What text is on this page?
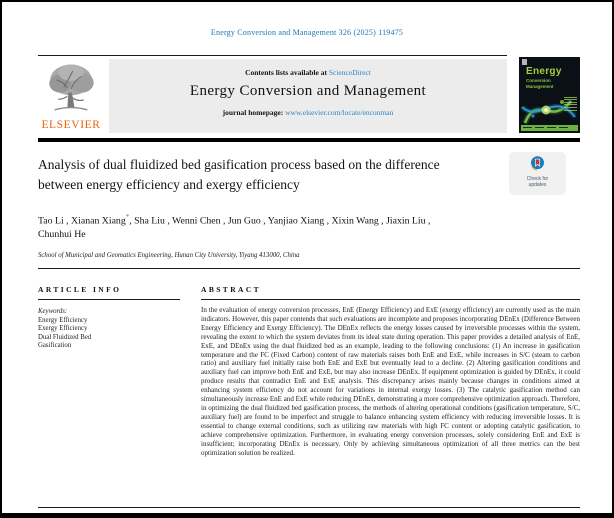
Energy Conversion and Management 326 (2025) 119475
ELSEVIER
Contents lists available at ScienceDirect
Energy Conversion and Management
journal homepage: www.elsevier.com/locate/enconman
Energy
Conversion
Management
Analysis of dual fluidized bed gasification process based on the difference
between energy efficiency and exergy efficiency	Check for
updates
Tao Li , Xianan Xiang*, Sha Liu , Wenni Chen , Jun Guo , Yanjiao Xiang , Xixin Wang , Jiaxin Liu ,
Chunhui He
School of Municipal and Geomatics Engineering, Hunan City University, Yiyang 413000, China
ARTICLE INFO
Keywords:
Energy Efficiency
Exergy Efficiency
Dual Fluidized Bed
Gasification
ABSTRACT
In the evaluation of energy conversion processes, EnE (Energy Efficiency) and ExE (exergy efficiency) are currently used as the main indicators. However, this paper contends that such evaluations are incomplete and proposes incorporating DEnEx (Difference Between Energy Efficiency and Exergy Efficiency). The DEnEx reflects the energy losses caused by irreversible processes within the system, revealing the extent to which the system deviates from its ideal state during operation. This paper provides a detailed analysis of EnE, ExE, and DEnEx using the dual fluidized bed as an example, leading to the following conclusions: (1) An increase in gasification temperature and the FC (Fixed Carbon) content of raw materials raises both EnE and ExE, while increases in S/C (steam to carbon ratio) and auxiliary fuel initially raise both EnE and ExE but eventually lead to a decline. (2) Altering gasification conditions and auxiliary fuel can improve both EnE and ExE, but may also increase DEnEx. If equipment optimization is guided by DEnEx, it could produce results that contradict EnE and ExE analysis. This discrepancy arises mainly because changes in conditions aimed at enhancing system efficiency do not account for variations in internal exergy losses. (3) The catalytic gasification method can simultaneously increase EnE and ExE while reducing DEnEx, demonstrating a more comprehensive optimization approach. Therefore, in optimizing the dual fluidized bed gasification process, the methods of altering operational conditions (gasification temperature, S/C, auxiliary fuel) are found to be imperfect and struggle to balance enhancing system efficiency with reducing irreversible losses. It is essential to change external conditions, such as utilizing raw materials with high FC content or adopting catalytic gasification, to achieve comprehensive optimization. Furthermore, in evaluating energy conversion processes, solely considering EnE and ExE is insufficient; incorporating DEnEx is necessary. Only by achieving simultaneous optimization of all three metrics can the best optimization solution be realized.
